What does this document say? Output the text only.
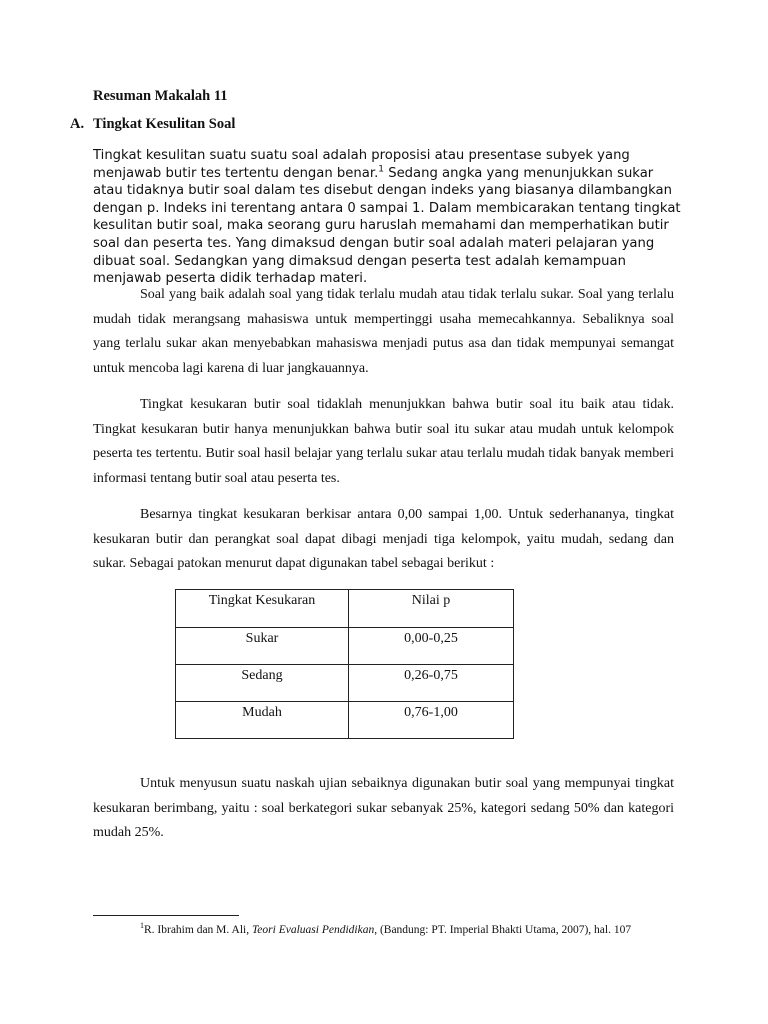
Resuman Makalah 11
A. Tingkat Kesulitan Soal

Tingkat kesulitan suatu suatu soal adalah proposisi atau presentase subyek yang menjawab butir tes tertentu dengan benar.$^1$ Sedang angka yang menunjukkan sukar atau tidaknya butir soal dalam tes disebut dengan indeks yang biasanya dilambangkan dengan p. Indeks ini terentang antara 0 sampai 1. Dalam membicarakan tentang tingkat kesulitan butir soal, maka seorang guru haruslah memahami dan memperhatikan butir soal dan peserta tes. Yang dimaksud dengan butir soal adalah materi pelajaran yang dibuat soal. Sedangkan yang dimaksud dengan peserta test adalah kemampuan menjawab peserta didik terhadap materi.

Soal yang baik adalah soal yang tidak terlalu mudah atau tidak terlalu sukar. Soal yang terlalu mudah tidak merangsang mahasiswa untuk mempertinggi usaha memecahkannya. Sebaliknya soal yang terlalu sukar akan menyebabkan mahasiswa menjadi putus asa dan tidak mempunyai semangat untuk mencoba lagi karena di luar jangkauannya.

Tingkat kesukaran butir soal tidaklah menunjukkan bahwa butir soal itu baik atau tidak. Tingkat kesukaran butir hanya menunjukkan bahwa butir soal itu sukar atau mudah untuk kelompok peserta tes tertentu. Butir soal hasil belajar yang terlalu sukar atau terlalu mudah tidak banyak memberi informasi tentang butir soal atau peserta tes.

Besarnya tingkat kesukaran berkisar antara 0,00 sampai 1,00. Untuk sederhananya, tingkat kesukaran butir dan perangkat soal dapat dibagi menjadi tiga kelompok, yaitu mudah, sedang dan sukar. Sebagai patokan menurut dapat digunakan tabel sebagai berikut :

Tingkat Kesukaran	Nilai p

Sukar	0,00-0,25

Sedang	0,26-0,75

Mudah	0,76-1,00

Untuk menyusun suatu naskah ujian sebaiknya digunakan butir soal yang mempunyai tingkat kesukaran berimbang, yaitu : soal berkategori sukar sebanyak 25%, kategori sedang 50% dan kategori mudah 25%.

$^1$R. Ibrahim dan M. Ali, Teori Evaluasi Pendidikan, (Bandung: PT. Imperial Bhakti Utama, 2007), hal. 107
